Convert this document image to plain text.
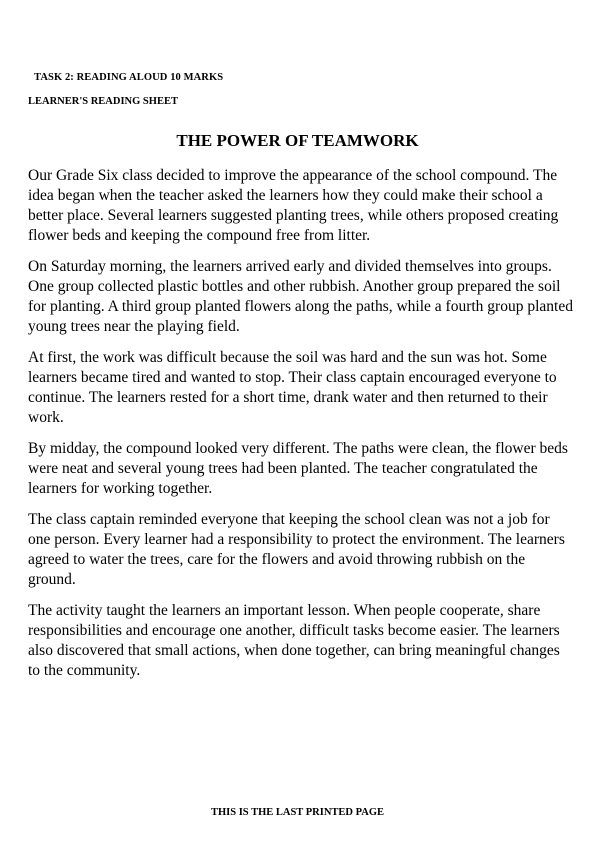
TASK 2: READING ALOUD 10 MARKS
LEARNER'S READING SHEET
THE POWER OF TEAMWORK

Our Grade Six class decided to improve the appearance of the school compound. The idea began when the teacher asked the learners how they could make their school a better place. Several learners suggested planting trees, while others proposed creating flower beds and keeping the compound free from litter.

On Saturday morning, the learners arrived early and divided themselves into groups. One group collected plastic bottles and other rubbish. Another group prepared the soil for planting. A third group planted flowers along the paths, while a fourth group planted young trees near the playing field.

At first, the work was difficult because the soil was hard and the sun was hot. Some learners became tired and wanted to stop. Their class captain encouraged everyone to continue. The learners rested for a short time, drank water and then returned to their work.

By midday, the compound looked very different. The paths were clean, the flower beds were neat and several young trees had been planted. The teacher congratulated the learners for working together.

The class captain reminded everyone that keeping the school clean was not a job for one person. Every learner had a responsibility to protect the environment. The learners agreed to water the trees, care for the flowers and avoid throwing rubbish on the ground.

The activity taught the learners an important lesson. When people cooperate, share responsibilities and encourage one another, difficult tasks become easier. The learners also discovered that small actions, when done together, can bring meaningful changes to the community.

THIS IS THE LAST PRINTED PAGE
